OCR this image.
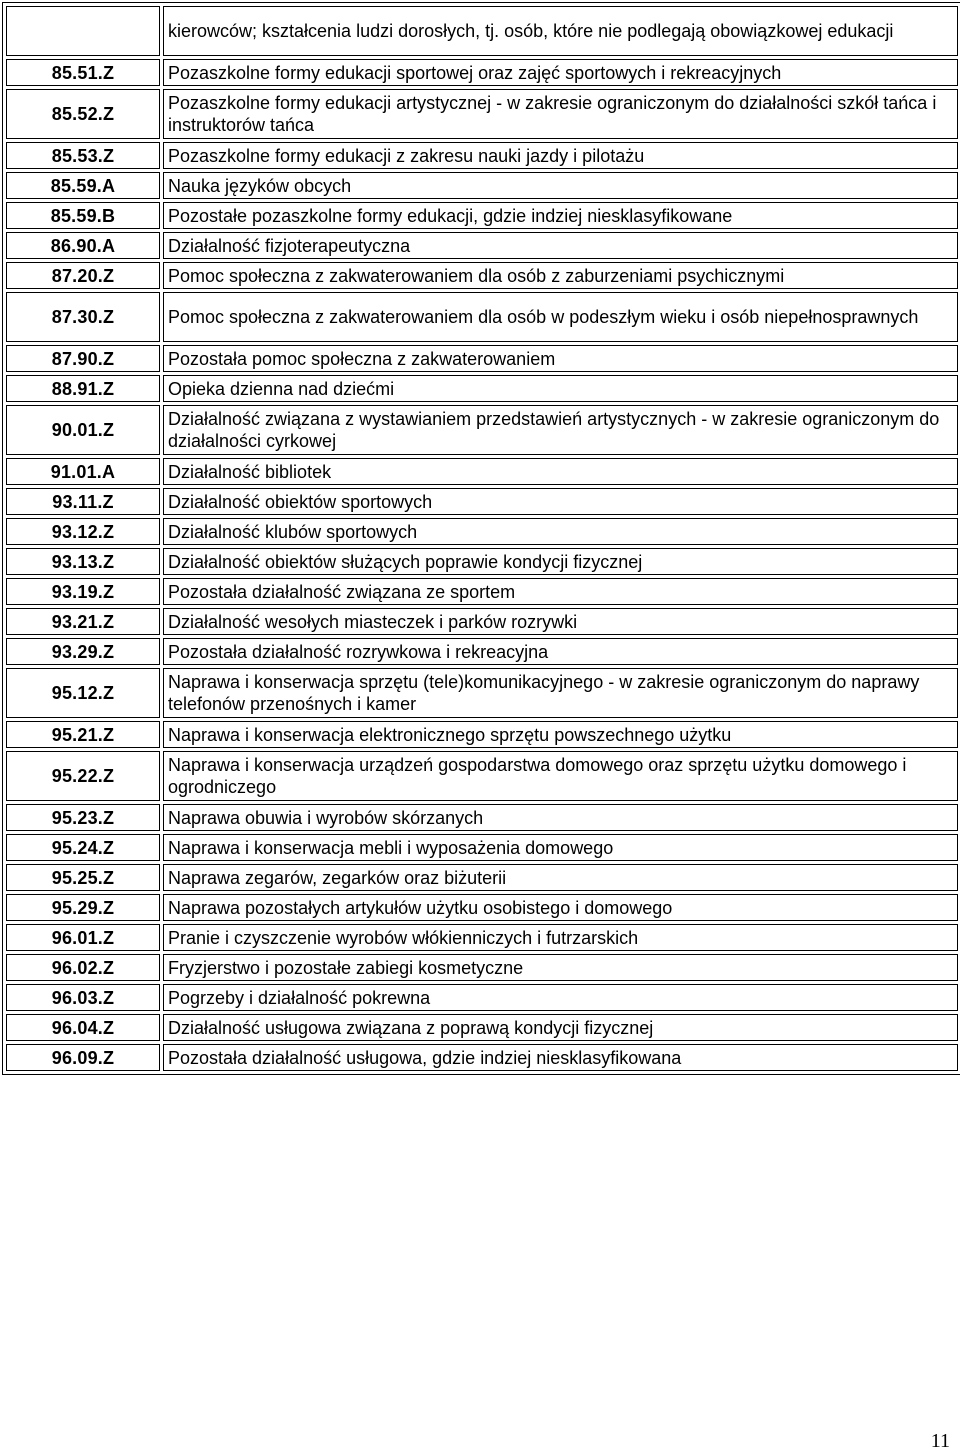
	kierowców; kształcenia ludzi dorosłych, tj. osób, które nie podlegają obowiązkowej edukacji
85.51.Z	Pozaszkolne formy edukacji sportowej oraz zajęć sportowych i rekreacyjnych
85.52.Z	Pozaszkolne formy edukacji artystycznej - w zakresie ograniczonym do działalności szkół tańca i instruktorów tańca
85.53.Z	Pozaszkolne formy edukacji z zakresu nauki jazdy i pilotażu
85.59.A	Nauka języków obcych
85.59.B	Pozostałe pozaszkolne formy edukacji, gdzie indziej niesklasyfikowane
86.90.A	Działalność fizjoterapeutyczna
87.20.Z	Pomoc społeczna z zakwaterowaniem dla osób z zaburzeniami psychicznymi
87.30.Z	Pomoc społeczna z zakwaterowaniem dla osób w podeszłym wieku i osób niepełnosprawnych
87.90.Z	Pozostała pomoc społeczna z zakwaterowaniem
88.91.Z	Opieka dzienna nad dziećmi
90.01.Z	Działalność związana z wystawianiem przedstawień artystycznych - w zakresie ograniczonym do działalności cyrkowej
91.01.A	Działalność bibliotek
93.11.Z	Działalność obiektów sportowych
93.12.Z	Działalność klubów sportowych
93.13.Z	Działalność obiektów służących poprawie kondycji fizycznej
93.19.Z	Pozostała działalność związana ze sportem
93.21.Z	Działalność wesołych miasteczek i parków rozrywki
93.29.Z	Pozostała działalność rozrywkowa i rekreacyjna
95.12.Z	Naprawa i konserwacja sprzętu (tele)komunikacyjnego - w zakresie ograniczonym do naprawy telefonów przenośnych i kamer
95.21.Z	Naprawa i konserwacja elektronicznego sprzętu powszechnego użytku
95.22.Z	Naprawa i konserwacja urządzeń gospodarstwa domowego oraz sprzętu użytku domowego i ogrodniczego
95.23.Z	Naprawa obuwia i wyrobów skórzanych
95.24.Z	Naprawa i konserwacja mebli i wyposażenia domowego
95.25.Z	Naprawa zegarów, zegarków oraz biżuterii
95.29.Z	Naprawa pozostałych artykułów użytku osobistego i domowego
96.01.Z	Pranie i czyszczenie wyrobów włókienniczych i futrzarskich
96.02.Z	Fryzjerstwo i pozostałe zabiegi kosmetyczne
96.03.Z	Pogrzeby i działalność pokrewna
96.04.Z	Działalność usługowa związana z poprawą kondycji fizycznej
96.09.Z	Pozostała działalność usługowa, gdzie indziej niesklasyfikowana
11
